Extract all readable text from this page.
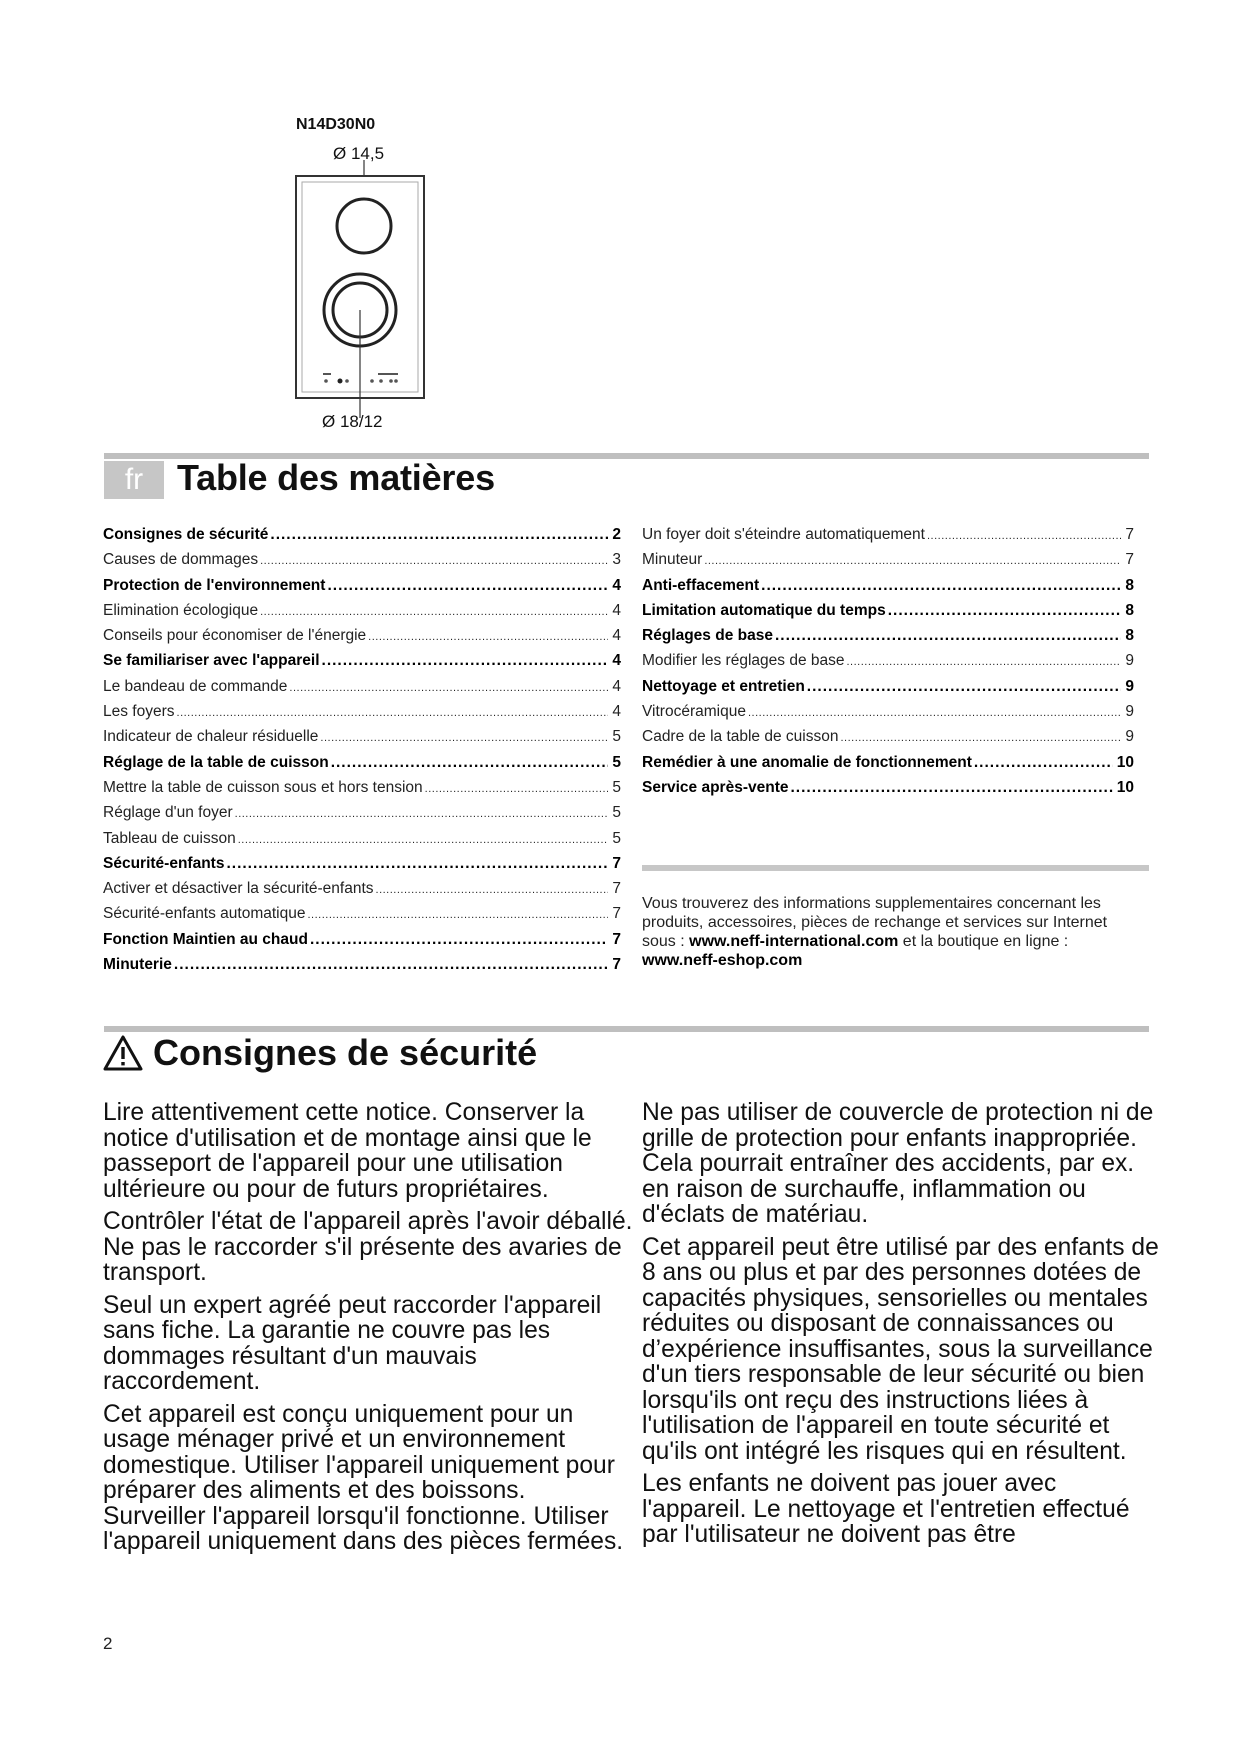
N14D30N0
Ø 14,5
Ø 18/12
fr Table des matières
Consignes de sécurité .....	2
Causes de dommages .....	3
Protection de l'environnement .....	4
Elimination écologique .....	4
Conseils pour économiser de l'énergie .....	4
Se familiariser avec l'appareil .....	4
Le bandeau de commande .....	4
Les foyers .....	4
Indicateur de chaleur résiduelle .....	5
Réglage de la table de cuisson .....	5
Mettre la table de cuisson sous et hors tension .....	5
Réglage d'un foyer .....	5
Tableau de cuisson .....	5
Sécurité-enfants .....	7
Activer et désactiver la sécurité-enfants .....	7
Sécurité-enfants automatique .....	7
Fonction Maintien au chaud .....	7
Minuterie .....	7
Un foyer doit s'éteindre automatiquement .....	7
Minuteur .....	7
Anti-effacement .....	8
Limitation automatique du temps .....	8
Réglages de base .....	8
Modifier les réglages de base .....	9
Nettoyage et entretien .....	9
Vitrocéramique .....	9
Cadre de la table de cuisson .....	9
Remédier à une anomalie de fonctionnement .....	10
Service après-vente .....	10
Vous trouverez des informations supplementaires concernant les produits, accessoires, pièces de rechange et services sur Internet sous : www.neff-international.com et la boutique en ligne : www.neff-eshop.com
Consignes de sécurité

Lire attentivement cette notice. Conserver la notice d'utilisation et de montage ainsi que le passeport de l'appareil pour une utilisation ultérieure ou pour de futurs propriétaires.

Contrôler l'état de l'appareil après l'avoir déballé. Ne pas le raccorder s'il présente des avaries de transport.

Seul un expert agréé peut raccorder l'appareil sans fiche. La garantie ne couvre pas les dommages résultant d'un mauvais raccordement.

Cet appareil est conçu uniquement pour un usage ménager privé et un environnement domestique. Utiliser l'appareil uniquement pour préparer des aliments et des boissons. Surveiller l'appareil lorsqu'il fonctionne. Utiliser l'appareil uniquement dans des pièces fermées.

Ne pas utiliser de couvercle de protection ni de grille de protection pour enfants inappropriée. Cela pourrait entraîner des accidents, par ex. en raison de surchauffe, inflammation ou d'éclats de matériau.

Cet appareil peut être utilisé par des enfants de 8 ans ou plus et par des personnes dotées de capacités physiques, sensorielles ou mentales réduites ou disposant de connaissances ou d’expérience insuffisantes, sous la surveillance d'un tiers responsable de leur sécurité ou bien lorsqu'ils ont reçu des instructions liées à l'utilisation de l'appareil en toute sécurité et qu'ils ont intégré les risques qui en résultent.

Les enfants ne doivent pas jouer avec l'appareil. Le nettoyage et l'entretien effectué par l'utilisateur ne doivent pas être

2
